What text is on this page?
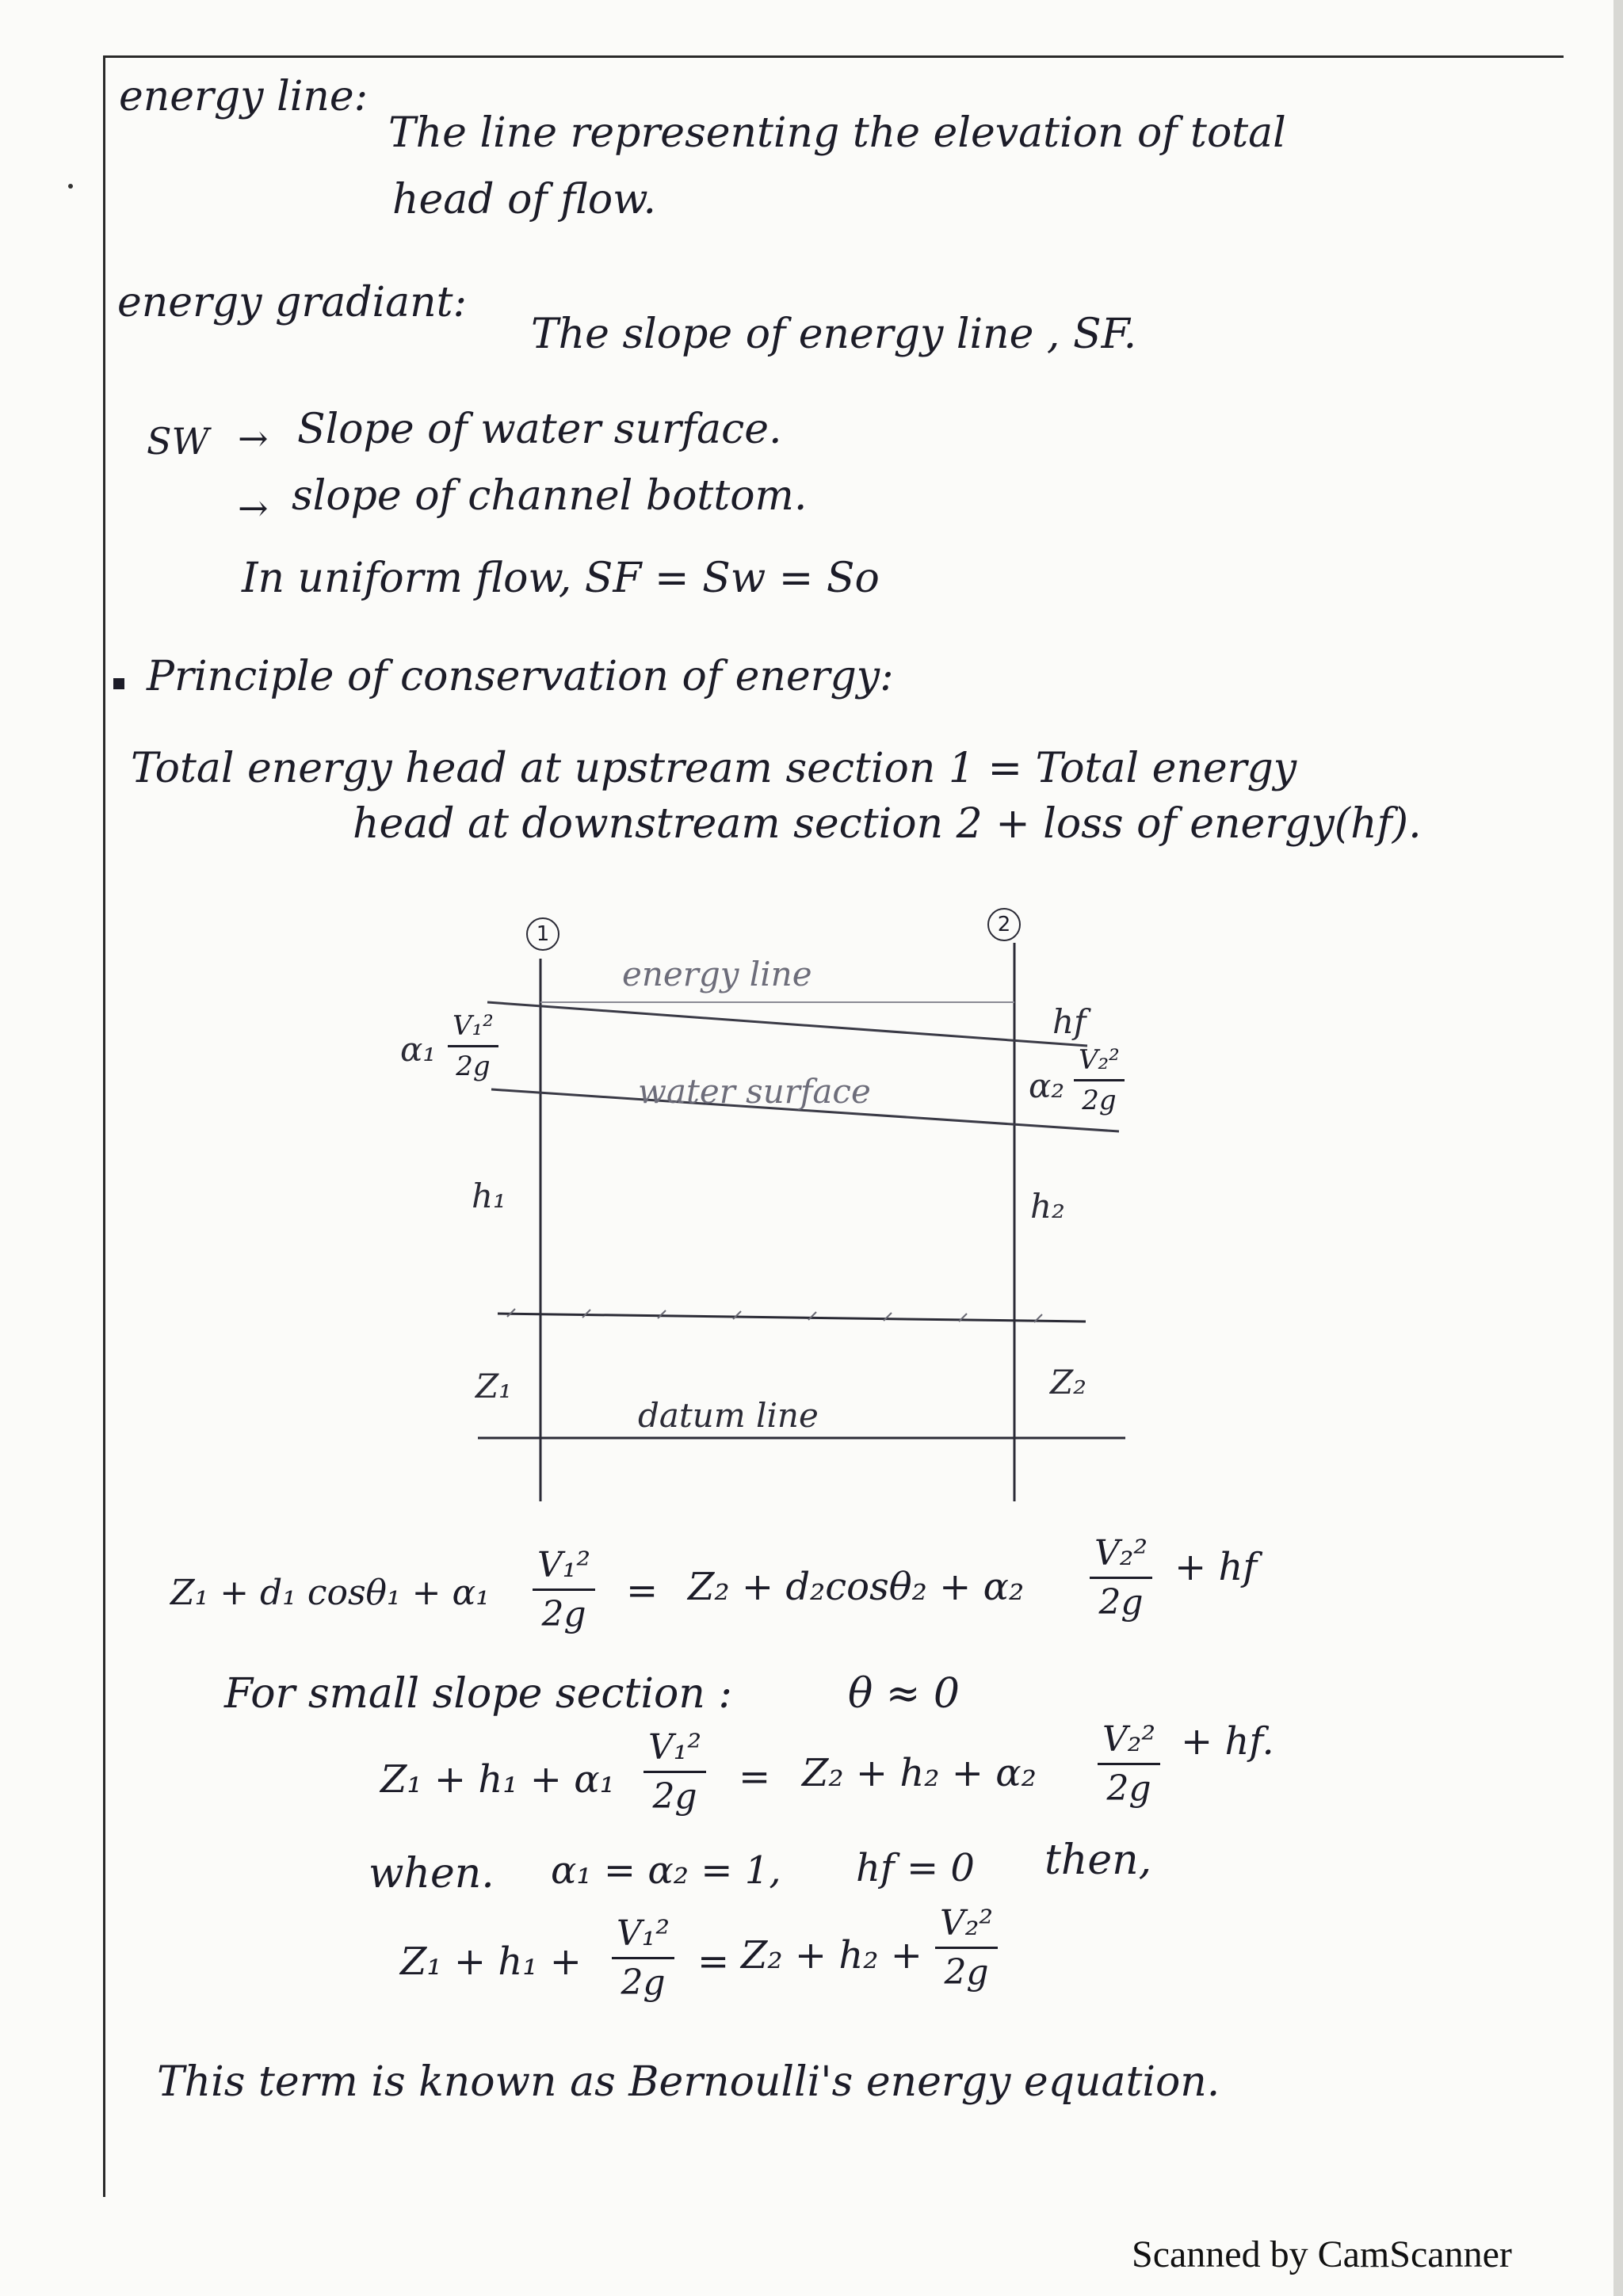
energy line:
The line representing the elevation of total
head of flow.
energy gradiant:
The slope of energy line , SF.
SW → Slope of water surface.
→ slope of channel bottom.
In uniform flow, SF = Sw = So
Principle of conservation of energy:
Total energy head at upstream section 1 = Total energy
head at downstream section 2 + loss of energy(hf).
1	2
energy line
water surface
datum line
hf
$\alpha_1 \frac{\text{V₁²}}{2g}$
$\alpha_2 \frac{\text{V₂²}}{2g}$
h₁	h₂
Z₁	Z₂
Z₁ + d₁ $\cos\theta_1 + \alpha_1 \frac{\text{V₁²}}{2g} = Z_2 + d_2\cos\theta_2 + \alpha_2 \frac{\text{V₂²}}{2g}$ + hf
For small slope section :	θ ≈ 0
$Z_1 + h_1 + \alpha_1 \frac{\text{V₁²}}{2g} = Z_2 + h_2 + \alpha_2 \frac{\text{V₂²}}{2g}$ + hf.
when. α₁ = α₂ = 1, hf = 0 then,
$Z_1 + h_1 + \frac{\text{V₁²}}{2g} = Z_2 + h_2 + \frac{\text{V₂²}}{2g}$
This term is known as Bernoulli's energy equation.
Scanned by CamScanner
